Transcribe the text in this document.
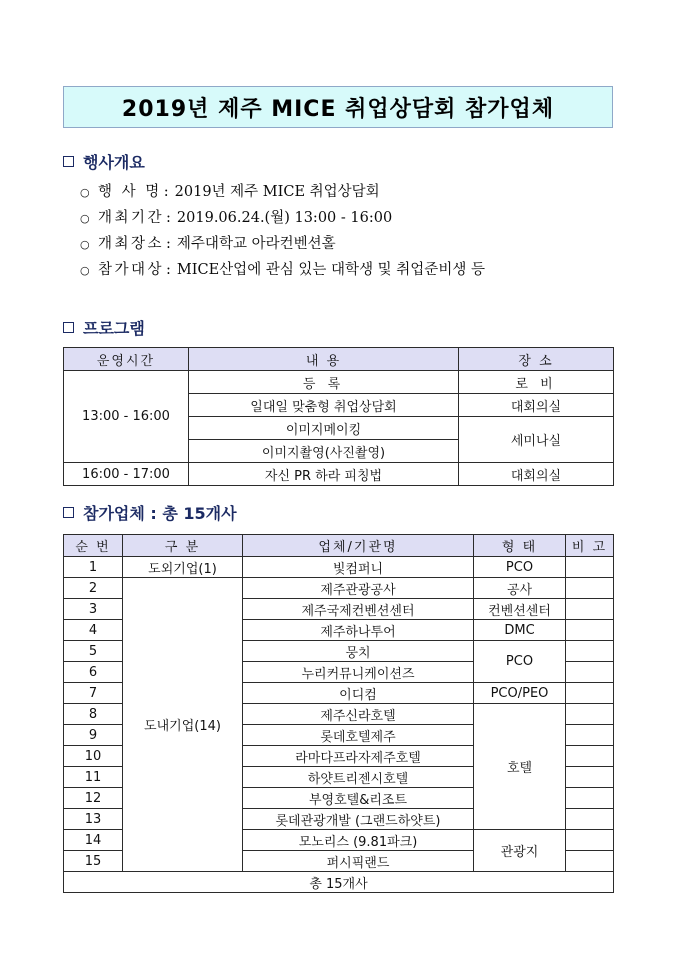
2019년 제주 MICE 취업상담회 참가업체
행사개요
○ 행 사 명 : 2019년 제주 MICE 취업상담회
○ 개최기간 : 2019.06.24.(월) 13:00 - 16:00
○ 개최장소 : 제주대학교 아라컨벤션홀
○ 참가대상 : MICE산업에 관심 있는 대학생 및 취업준비생 등
프로그램
운영시간	내 용	장 소
13:00 - 16:00	등 록	로 비
	일대일 맞춤형 취업상담회	대회의실
	이미지메이킹	세미나실
	이미지촬영(사진촬영)	
16:00 - 17:00	자신 PR 하라 피칭법	대회의실
참가업체 : 총 15개사
순 번	구 분	업체/기관명	형 태	비 고
1	도외기업(1)	빛컴퍼니	PCO	
2	도내기업(14)	제주관광공사	공사	
3		제주국제컨벤션센터	컨벤션센터	
4		제주하나투어	DMC	
5		뭉치	PCO	
6		누리커뮤니케이션즈		
7		이디컴	PCO/PEO	
8		제주신라호텔	호텔	
9		롯데호텔제주		
10		라마다프라자제주호텔		
11		하얏트리젠시호텔		
12		부영호텔&리조트		
13		롯데관광개발 (그랜드하얏트)		
14		모노리스 (9.81파크)	관광지	
15		퍼시픽랜드		
총 15개사				
